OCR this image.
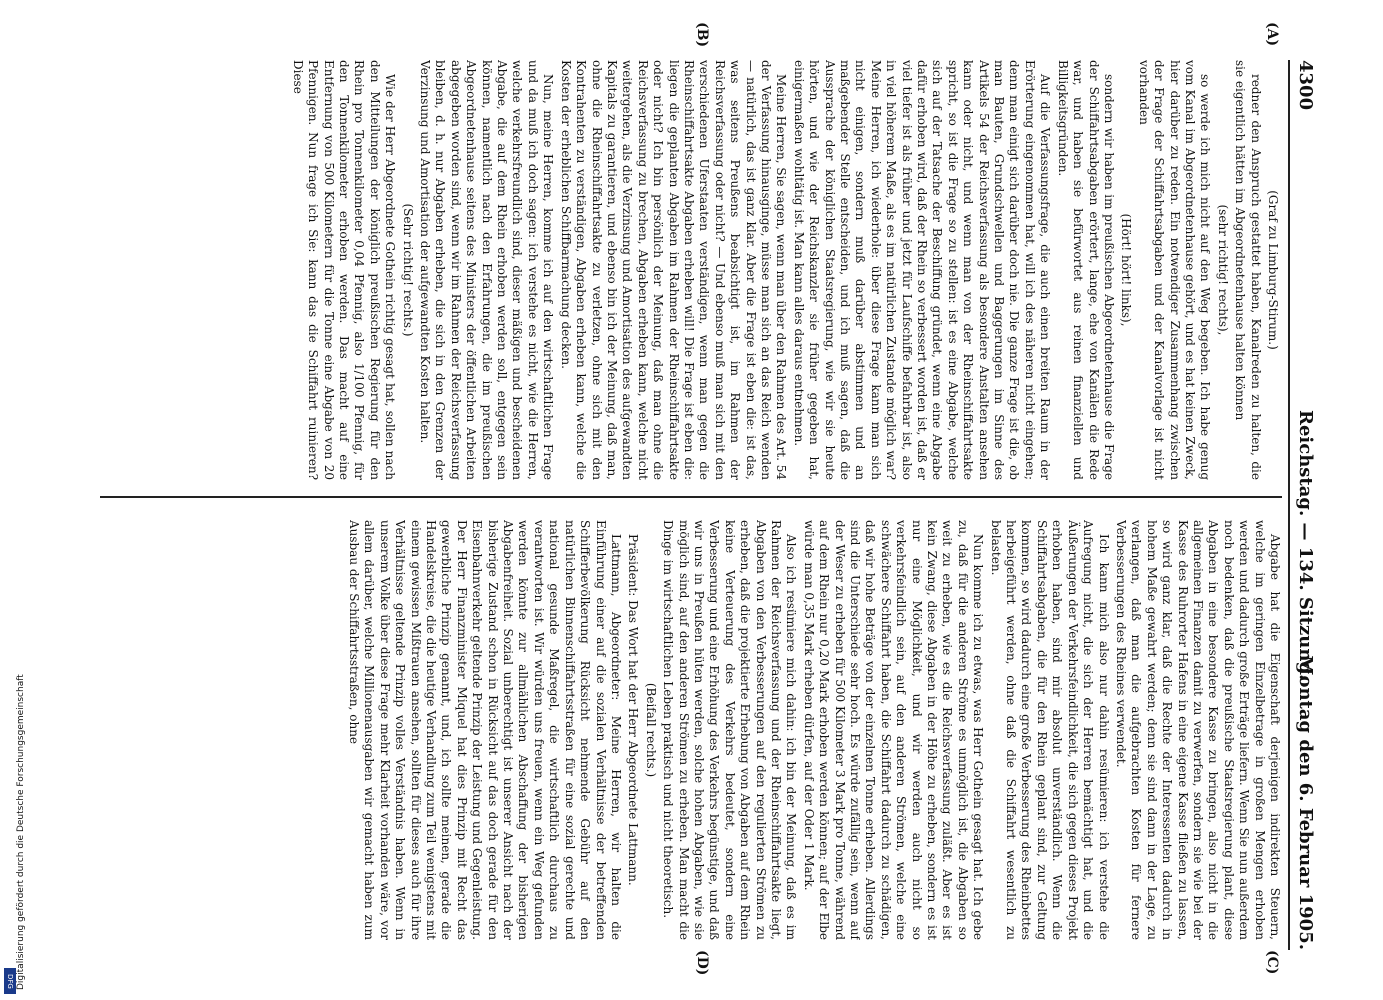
Digitalisierung gefördert durch die Deutsche Forschungsgemeinschaft
DFG
4300
Reichstag. — 134. Sitzung.
Montag den 6. Februar 1905.
(A)
(B)
(C)
(D)

(Graf zu Limburg-Stirum.)

redner den Anspruch gestattet haben, Kanalreden zu halten, die sie eigentlich hätten im Abgeordnetenhause halten können

(sehr richtig! rechts),

so werde ich mich nicht auf den Weg begeben. Ich habe genug vom Kanal im Abgeordnetenhause gehört, und es hat keinen Zweck, hier darüber zu reden. Ein notwendiger Zusammenhang zwischen der Frage der Schiffahrtsabgaben und der Kanalvorlage ist nicht vorhanden

(Hört! hört! links),

sondern wir haben im preußischen Abgeordnetenhause die Frage der Schiffahrtsabgaben erörtert, lange, ehe von Kanälen die Rede war, und haben sie befürwortet aus reinen finanziellen und Billigkeitsgründen.

Auf die Verfassungsfrage, die auch einen breiten Raum in der Erörterung eingenommen hat, will ich des näheren nicht eingehen; denn man einigt sich darüber doch nie. Die ganze Frage ist die, ob man Bauten, Grundschwellen und Baggerungen im Sinne des Artikels 54 der Reichsverfassung als besondere Anstalten ansehen kann oder nicht, und wenn man von der Rheinschiffahrtsakte spricht, so ist die Frage so zu stellen: ist es eine Abgabe, welche sich auf der Tatsache der Beschiffung gründet, wenn eine Abgabe dafür erhoben wird, daß der Rhein so verbessert worden ist, daß er viel tiefer ist als früher und jetzt für Laufschiffe befahrbar ist, also in viel höherem Maße, als es im natürlichen Zustande möglich war? Meine Herren, ich wiederhole: über diese Frage kann man sich nicht einigen, sondern muß darüber abstimmen und an maßgebender Stelle entscheiden, und ich muß sagen, daß die Aussprache der königlichen Staatsregierung, wie wir sie heute hörten, und wie der Reichskanzler sie früher gegeben hat, einigermaßen wohltätig ist. Man kann alles daraus entnehmen.

Meine Herren, Sie sagen, wenn man über den Rahmen des Art. 54 der Verfassung hinausginge, müsse man sich an das Reich wenden — natürlich, das ist ganz klar. Aber die Frage ist eben die: ist das, was seitens Preußens beabsichtigt ist, im Rahmen der Reichsverfassung oder nicht? — Und ebenso muß man sich mit den verschiedenen Uferstaaten verständigen, wenn man gegen die Rheinschiffahrtsakte Abgaben erheben will! Die Frage ist eben die: liegen die geplanten Abgaben im Rahmen der Rheinschiffahrtsakte oder nicht? Ich bin persönlich der Meinung, daß man ohne die Reichsverfassung zu brechen, Abgaben erheben kann, welche nicht weitergehen, als die Verzinsung und Amortisation des aufgewandten Kapitals zu garantieren, und ebenso bin ich der Meinung, daß man, ohne die Rheinschiffahrtsakte zu verletzen, ohne sich mit den Kontrahenten zu verständigen, Abgaben erheben kann, welche die Kosten der erheblichen Schiffbarmachung decken.

Nun, meine Herren, komme ich auf den wirtschaftlichen Frage und da muß ich doch sagen: ich verstehe es nicht, wie die Herren, welche verkehrsfreundlich sind, dieser mäßigen und bescheidenen Abgabe, die auf dem Rhein erhoben werden soll, entgegen sein können, namentlich nach den Erfahrungen, die im preußischen Abgeordnetenhause seitens des Ministers der öffentlichen Arbeiten abgegeben worden sind, wenn wir im Rahmen der Reichsverfassung bleiben, d. h. nur Abgaben erheben, die sich in den Grenzen der Verzinsung und Amortisation der aufgewandten Kosten halten.

(Sehr richtig! rechts.)

Wie der Herr Abgeordnete Gothein richtig gesagt hat, sollen nach den Mitteilungen der königlich preußischen Regierung für den Rhein pro Tonnenkilometer 0,04 Pfennig, also 1/100 Pfennig, für den Tonnenkilometer erhoben werden. Das macht auf eine Entfernung von 500 Kilometern für die Tonne eine Abgabe von 20 Pfennigen. Nun frage ich Sie: kann das die Schiffahrt ruinieren? Diese

Abgabe hat die Eigenschaft derjenigen indirekten Steuern, welche im geringen Einzelbetrage in großen Mengen erhoben werden und dadurch große Erträge liefern. Wenn Sie nun außerdem noch bedenken, daß die preußische Staatsregierung plant, diese Abgaben in eine besondere Kasse zu bringen, also nicht in die allgemeinen Finanzen damit zu verwerfen, sondern sie wie bei der Kasse des Ruhrorter Hafens in eine eigene Kasse fließen zu lassen, so wird ganz klar, daß die Rechte der Interessenten dadurch in hohem Maße gewahrt werden; denn sie sind dann in der Lage, zu verlangen, daß man die aufgebrachten Kosten für fernere Verbesserungen des Rheines verwendet.

Ich kann mich also nur dahin resümieren: ich verstehe die Aufregung nicht, die sich der Herren bemächtigt hat, und die Äußerungen der Verkehrsfeindlichkeit, die sich gegen dieses Projekt erhoben haben, sind mir absolut unverständlich. Wenn die Schiffahrtsabgaben, die für den Rhein geplant sind, zur Geltung kommen, so wird dadurch eine große Verbesserung des Rheinbettes herbeigeführt werden, ohne daß die Schiffahrt wesentlich zu belasten.

Nun komme ich zu etwas, was Herr Gothein gesagt hat. Ich gebe zu, daß für die anderen Ströme es unmöglich ist, die Abgaben so weit zu erheben, wie es die Reichsverfassung zuläßt. Aber es ist kein Zwang, diese Abgaben in der Höhe zu erheben, sondern es ist nur eine Möglichkeit, und wir werden auch nicht so verkehrsfeindlich sein, auf den anderen Strömen, welche eine schwächere Schiffahrt haben, die Schiffahrt dadurch zu schädigen, daß wir hohe Beträge von der einzelnen Tonne erheben. Allerdings sind die Unterschiede sehr hoch. Es würde zufällig sein, wenn auf der Weser zu erheben für 500 Kilometer 3 Mark pro Tonne, während auf dem Rhein nur 0,20 Mark erhoben werden können; auf der Elbe würde man 0,35 Mark erheben dürfen, auf der Oder 1 Mark.

Also ich resümiere mich dahin: ich bin der Meinung, daß es im Rahmen der Reichsverfassung und der Rheinschiffahrtsakte liegt, Abgaben von den Verbesserungen auf den regulierten Strömen zu erheben, daß die projektierte Erhebung von Abgaben auf dem Rhein keine Verteuerung des Verkehrs bedeutet, sondern eine Verbesserung und eine Erhöhung des Verkehrs begünstige, und daß wir uns in Preußen hüten werden, solche hohen Abgaben, wie sie möglich sind, auf den anderen Strömen zu erheben. Man macht die Dinge im wirtschaftlichen Leben praktisch und nicht theoretisch.

(Beifall rechts.)

Präsident: Das Wort hat der Herr Abgeordnete Lattmann.

Lattmann, Abgeordneter: Meine Herren, wir halten die Einführung einer auf die sozialen Verhältnisse der betreffenden Schifferbevölkerung Rücksicht nehmende Gebühr auf den natürlichen Binnenschiffahrtsstraßen für eine sozial gerechte und national gesunde Maßregel, die wirtschaftlich durchaus zu verantworten ist. Wir würden uns freuen, wenn ein Weg gefunden werden könnte zur allmählichen Abschaffung der bisherigen Abgabenfreiheit. Sozial unberechtigt ist unserer Ansicht nach der bisherige Zustand schon in Rücksicht auf das doch gerade für den Eisenbahnverkehr geltende Prinzip der Leistung und Gegenleistung. Der Herr Finanzminister Miquel hat dies Prinzip mit Recht das gewerbliche Prinzip genannt, und, ich sollte meinen, gerade die Handelskreise, die die heutige Verhandlung zum Teil wenigstens mit einem gewissen Mißtrauen ansehen, sollten für dieses auch für ihre Verhältnisse geltende Prinzip volles Verständnis haben. Wenn in unserem Volke über diese Frage mehr Klarheit vorhanden wäre, vor allem darüber, welche Millionenausgaben wir gemacht haben zum Ausbau der Schiffahrtsstraßen, ohne
